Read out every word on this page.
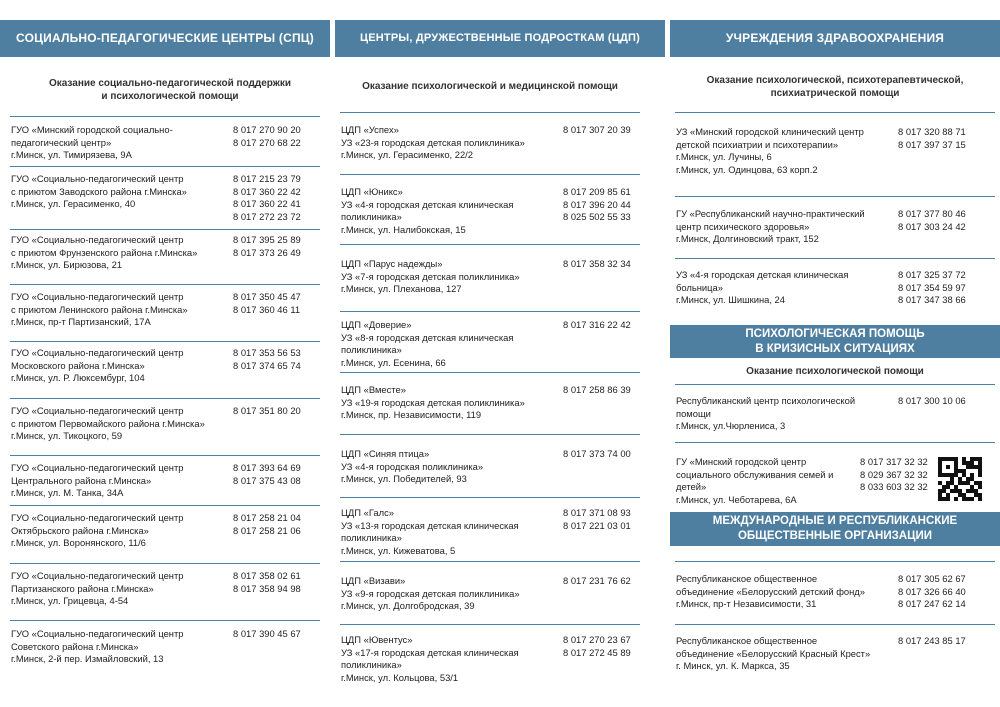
СОЦИАЛЬНО-ПЕДАГОГИЧЕСКИЕ ЦЕНТРЫ (СПЦ)	ЦЕНТРЫ, ДРУЖЕСТВЕННЫЕ ПОДРОСТКАМ (ЦДП)	УЧРЕЖДЕНИЯ ЗДРАВООХРАНЕНИЯ
Оказание социально-педагогической поддержки
и психологической помощи
Оказание психологической и медицинской помощи
Оказание психологической, психотерапевтической,
психиатрической помощи
ПСИХОЛОГИЧЕСКАЯ ПОМОЩЬ
В КРИЗИСНЫХ СИТУАЦИЯХ
Оказание психологической помощи
МЕЖДУНАРОДНЫЕ И РЕСПУБЛИКАНСКИЕ
ОБЩЕСТВЕННЫЕ ОРГАНИЗАЦИИ
ГУО «Минский городской социально-
педагогический центр»
г.Минск, ул. Тимирязева, 9А
8 017 270 90 20
8 017 270 68 22
ГУО «Социально-педагогический центр
с приютом Заводского района г.Минска»
г.Минск, ул. Герасименко, 40
8 017 215 23 79
8 017 360 22 42
8 017 360 22 41
8 017 272 23 72
ГУО «Социально-педагогический центр
с приютом Фрунзенского района г.Минска»
г.Минск, ул. Бирюзова, 21
8 017 395 25 89
8 017 373 26 49
ГУО «Социально-педагогический центр
с приютом Ленинского района г.Минска»
г.Минск, пр-т Партизанский, 17А
8 017 350 45 47
8 017 360 46 11
ГУО «Социально-педагогический центр
Московского района г.Минска»
г.Минск, ул. Р. Люксембург, 104
8 017 353 56 53
8 017 374 65 74
ГУО «Социально-педагогический центр
с приютом Первомайского района г.Минска»
г.Минск, ул. Тикоцкого, 59
8 017 351 80 20
ГУО «Социально-педагогический центр
Центрального района г.Минска»
г.Минск, ул. М. Танка, 34А
8 017 393 64 69
8 017 375 43 08
ГУО «Социально-педагогический центр
Октябрьского района г.Минска»
г.Минск, ул. Воронянского, 11/6
8 017 258 21 04
8 017 258 21 06
ГУО «Социально-педагогический центр
Партизанского района г.Минска»
г.Минск, ул. Грицевца, 4-54
8 017 358 02 61
8 017 358 94 98
ГУО «Социально-педагогический центр
Советского района г.Минска»
г.Минск, 2-й пер. Измайловский, 13
8 017 390 45 67
ЦДП «Успех»
УЗ «23-я городская детская поликлиника»
г.Минск, ул. Герасименко, 22/2
8 017 307 20 39
ЦДП «Юникс»
УЗ «4-я городская детская клиническая
поликлиника»
г.Минск, ул. Налибокская, 15
8 017 209 85 61
8 017 396 20 44
8 025 502 55 33
ЦДП «Парус надежды»
УЗ «7-я городская детская поликлиника»
г.Минск, ул. Плеханова, 127
8 017 358 32 34
ЦДП «Доверие»
УЗ «8-я городская детская клиническая
поликлиника»
г.Минск, ул. Есенина, 66
8 017 316 22 42
ЦДП «Вместе»
УЗ «19-я городская детская поликлиника»
г.Минск, пр. Независимости, 119
8 017 258 86 39
ЦДП «Синяя птица»
УЗ «4-я городская поликлиника»
г.Минск, ул. Победителей, 93
8 017 373 74 00
ЦДП «Галс»
УЗ «13-я городская детская клиническая
поликлиника»
г.Минск, ул. Кижеватова, 5
8 017 371 08 93
8 017 221 03 01
ЦДП «Визави»
УЗ «9-я городская детская поликлиника»
г.Минск, ул. Долгобродская, 39
8 017 231 76 62
ЦДП «Ювентус»
УЗ «17-я городская детская клиническая
поликлиника»
г.Минск, ул. Кольцова, 53/1
8 017 270 23 67
8 017 272 45 89
УЗ «Минский городской клинический центр
детской психиатрии и психотерапии»
г.Минск, ул. Лучины, 6
г.Минск, ул. Одинцова, 63 корп.2
8 017 320 88 71
8 017 397 37 15
ГУ «Республиканский научно-практический
центр психического здоровья»
г.Минск, Долгиновский тракт, 152
8 017 377 80 46
8 017 303 24 42
УЗ «4-я городская детская клиническая
больница»
г.Минск, ул. Шишкина, 24
8 017 325 37 72
8 017 354 59 97
8 017 347 38 66
Республиканский центр психологической
помощи
г.Минск, ул.Чюрлениса, 3
8 017 300 10 06
ГУ «Минский городской центр
социального обслуживания семей и
детей»
г.Минск, ул. Чеботарева, 6А
8 017 317 32 32
8 029 367 32 32
8 033 603 32 32
Республиканское общественное
объединение «Белорусский детский фонд»
г.Минск, пр-т Независимости, 31
8 017 305 62 67
8 017 326 66 40
8 017 247 62 14
Республиканское общественное
объединение «Белорусский Красный Крест»
г. Минск, ул. К. Маркса, 35
8 017 243 85 17
